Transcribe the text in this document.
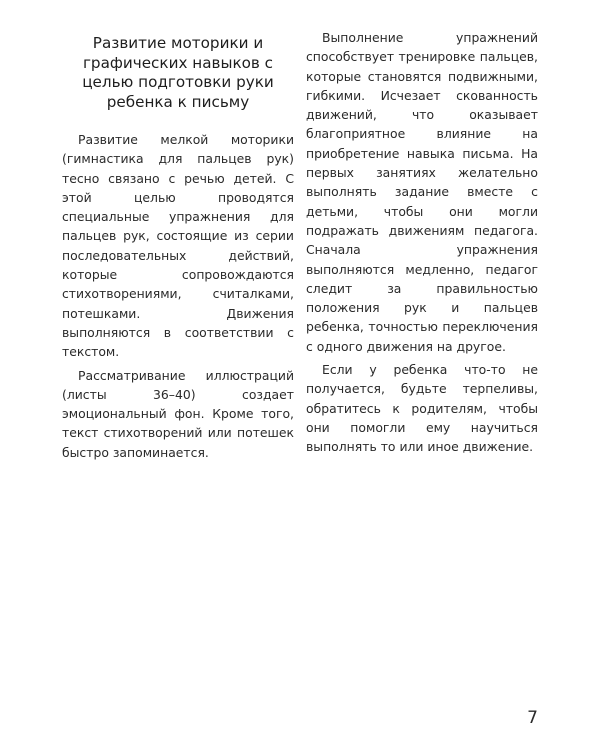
Развитие моторики и графических навыков с целью подготовки руки ребенка к письму

Развитие мелкой моторики (гимнастика для пальцев рук) тесно связано с речью детей. С этой целью проводятся специальные упражнения для пальцев рук, состоящие из серии последовательных действий, которые сопровождаются стихотворениями, считалками, потешками. Движения выполняются в соответствии с текстом.

Рассматривание иллюстраций (листы 36–40) создает эмоциональный фон. Кроме того, текст стихотворений или потешек быстро запоминается.

Выполнение упражнений способствует тренировке пальцев, которые становятся подвижными, гибкими. Исчезает скованность движений, что оказывает благоприятное влияние на приобретение навыка письма. На первых занятиях желательно выполнять задание вместе с детьми, чтобы они могли подражать движениям педагога. Сначала упражнения выполняются медленно, педагог следит за правильностью положения рук и пальцев ребенка, точностью переключения с одного движения на другое.

Если у ребенка что-то не получается, будьте терпеливы, обратитесь к родителям, чтобы они помогли ему научиться выполнять то или иное движение.

7
